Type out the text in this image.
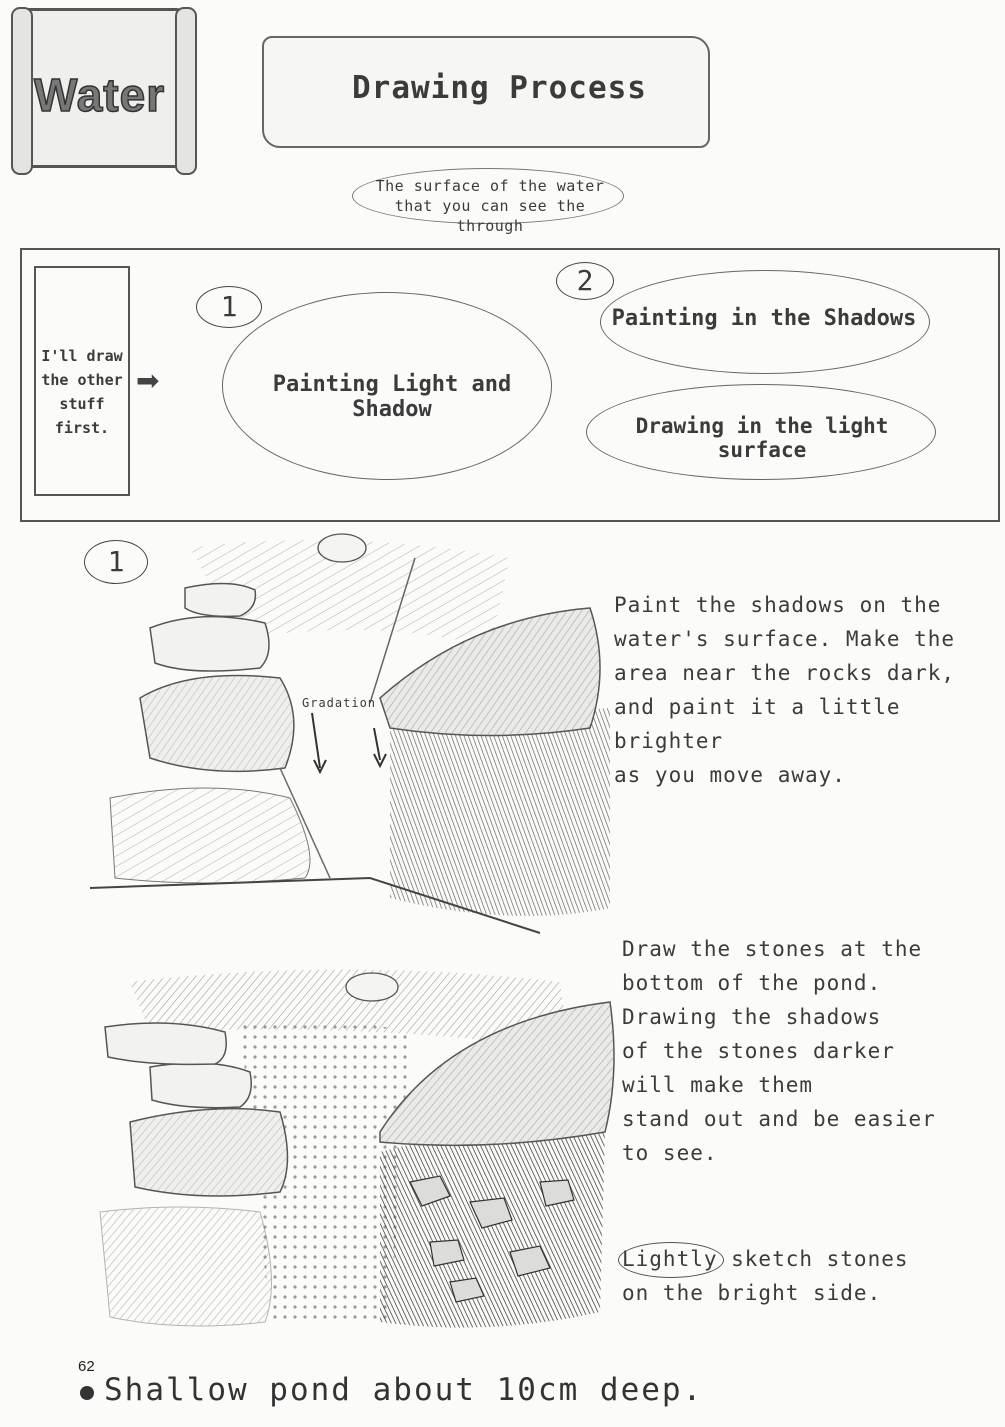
Water	Drawing Process
The surface of the water that you can see the through
I'll draw the other stuff first.
➡
1
Painting Light and Shadow
2
Painting in the Shadows
Drawing in the light surface
1
Gradation
Paint the shadows on the
water's surface. Make the
area near the rocks dark,
and paint it a little brighter
as you move away.
Draw the stones at the
bottom of the pond.
Drawing the shadows
of the stones darker
will make them
stand out and be easier
to see.
Lightly sketch stones
on the bright side.
62
Shallow pond about 10cm deep.
